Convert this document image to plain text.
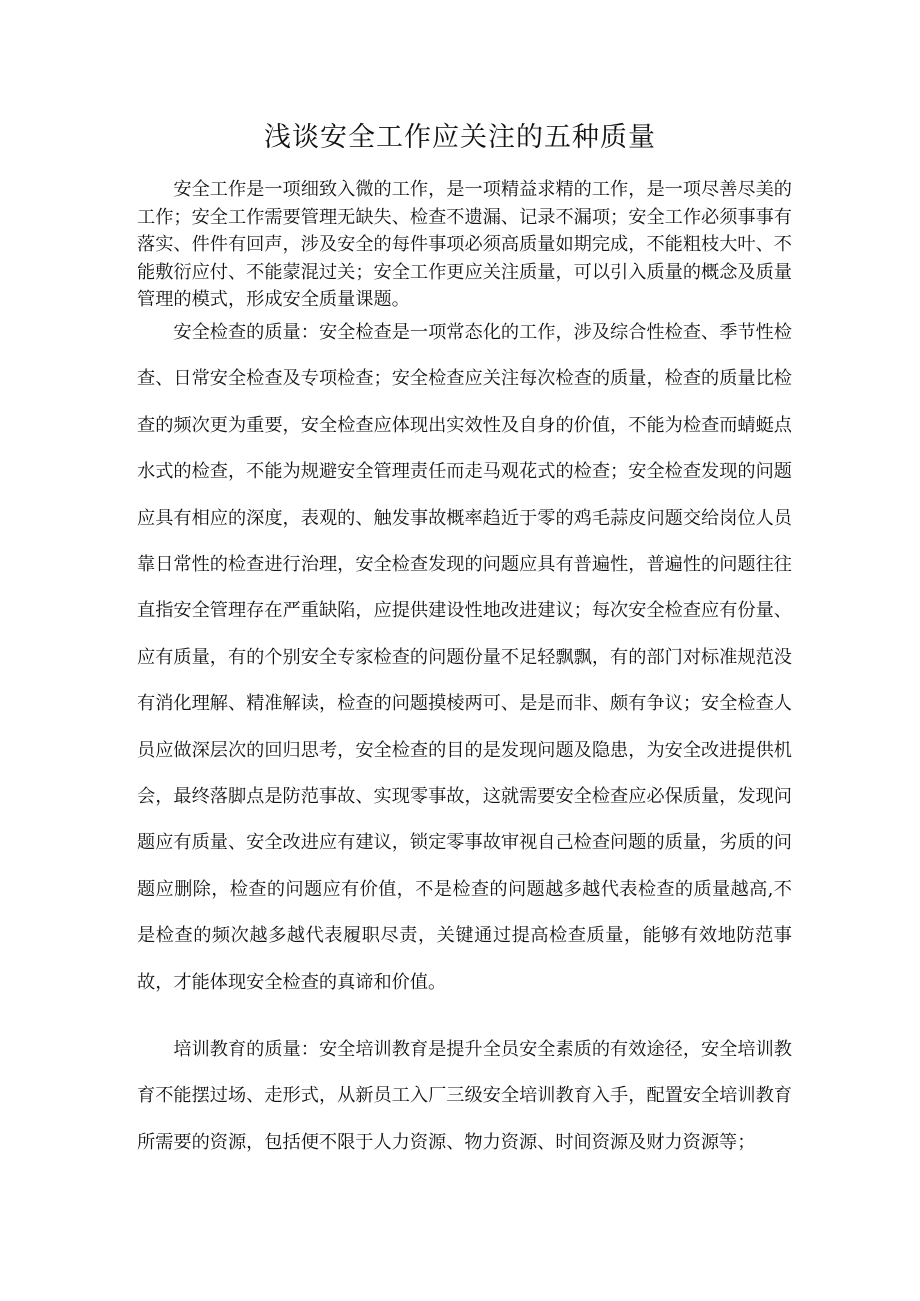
浅谈安全工作应关注的五种质量

安全工作是一项细致入微的工作，是一项精益求精的工作，是一项尽善尽美的工作；安全工作需要管理无缺失、检查不遗漏、记录不漏项；安全工作必须事事有落实、件件有回声，涉及安全的每件事项必须高质量如期完成，不能粗枝大叶、不能敷衍应付、不能蒙混过关；安全工作更应关注质量，可以引入质量的概念及质量管理的模式，形成安全质量课题。

安全检查的质量：安全检查是一项常态化的工作，涉及综合性检查、季节性检查、日常安全检查及专项检查；安全检查应关注每次检查的质量，检查的质量比检查的频次更为重要，安全检查应体现出实效性及自身的价值，不能为检查而蜻蜓点水式的检查，不能为规避安全管理责任而走马观花式的检查；安全检查发现的问题应具有相应的深度，表观的、触发事故概率趋近于零的鸡毛蒜皮问题交给岗位人员靠日常性的检查进行治理，安全检查发现的问题应具有普遍性，普遍性的问题往往直指安全管理存在严重缺陷，应提供建设性地改进建议；每次安全检查应有份量、应有质量，有的个别安全专家检查的问题份量不足轻飘飘，有的部门对标准规范没有消化理解、精准解读，检查的问题摸棱两可、是是而非、颇有争议；安全检查人员应做深层次的回归思考，安全检查的目的是发现问题及隐患，为安全改进提供机会，最终落脚点是防范事故、实现零事故，这就需要安全检查应必保质量，发现问题应有质量、安全改进应有建议，锁定零事故审视自己检查问题的质量，劣质的问题应删除，检查的问题应有价值，不是检查的问题越多越代表检查的质量越高,不是检查的频次越多越代表履职尽责，关键通过提高检查质量，能够有效地防范事故，才能体现安全检查的真谛和价值。

培训教育的质量：安全培训教育是提升全员安全素质的有效途径，安全培训教育不能摆过场、走形式，从新员工入厂三级安全培训教育入手，配置安全培训教育所需要的资源，包括便不限于人力资源、物力资源、时间资源及财力资源等；
